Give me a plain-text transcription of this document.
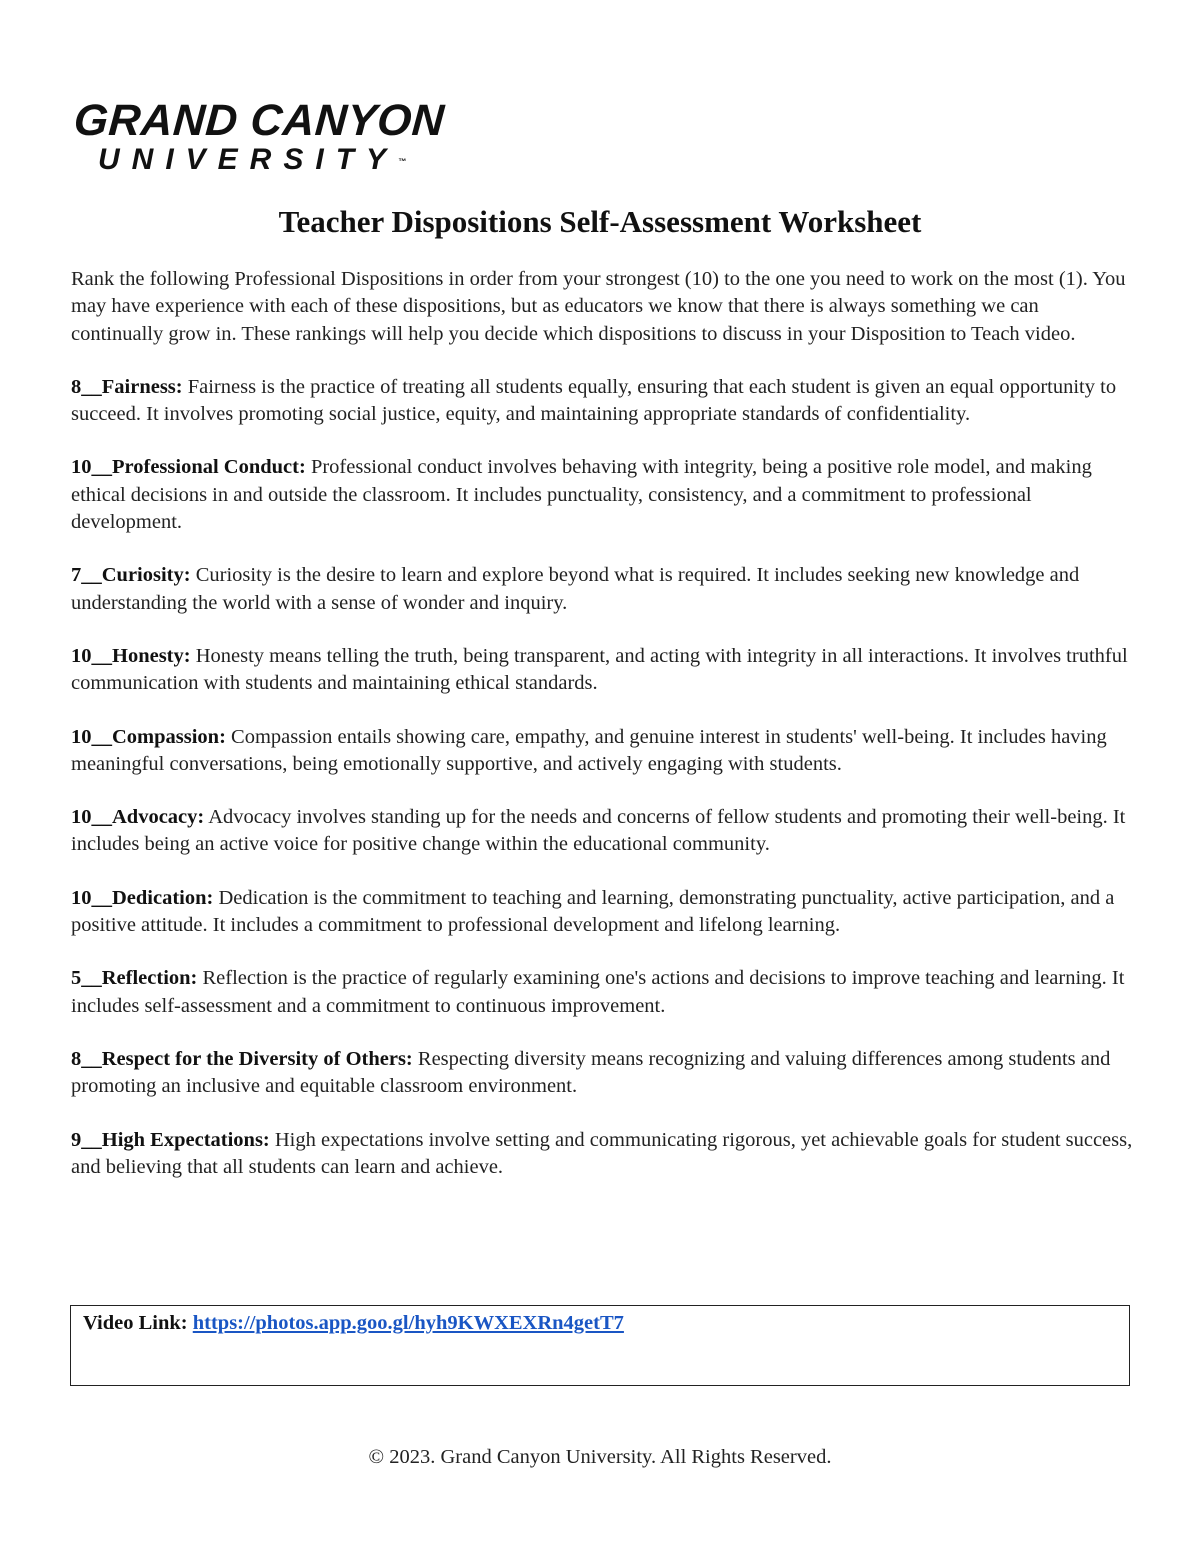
GRAND CANYON
UNIVERSITY™
Teacher Dispositions Self-Assessment Worksheet

Rank the following Professional Dispositions in order from your strongest (10) to the one you need to work on the most (1). You may have experience with each of these dispositions, but as educators we know that there is always something we can continually grow in. These rankings will help you decide which dispositions to discuss in your Disposition to Teach video.

8__Fairness: Fairness is the practice of treating all students equally, ensuring that each student is given an equal opportunity to succeed. It involves promoting social justice, equity, and maintaining appropriate standards of confidentiality.

10__Professional Conduct: Professional conduct involves behaving with integrity, being a positive role model, and making ethical decisions in and outside the classroom. It includes punctuality, consistency, and a commitment to professional development.

7__Curiosity: Curiosity is the desire to learn and explore beyond what is required. It includes seeking new knowledge and understanding the world with a sense of wonder and inquiry.

10__Honesty: Honesty means telling the truth, being transparent, and acting with integrity in all interactions. It involves truthful communication with students and maintaining ethical standards.

10__Compassion: Compassion entails showing care, empathy, and genuine interest in students' well-being. It includes having meaningful conversations, being emotionally supportive, and actively engaging with students.

10__Advocacy: Advocacy involves standing up for the needs and concerns of fellow students and promoting their well-being. It includes being an active voice for positive change within the educational community.

10__Dedication: Dedication is the commitment to teaching and learning, demonstrating punctuality, active participation, and a positive attitude. It includes a commitment to professional development and lifelong learning.

5__Reflection: Reflection is the practice of regularly examining one's actions and decisions to improve teaching and learning. It includes self-assessment and a commitment to continuous improvement.

8__Respect for the Diversity of Others: Respecting diversity means recognizing and valuing differences among students and promoting an inclusive and equitable classroom environment.

9__High Expectations: High expectations involve setting and communicating rigorous, yet achievable goals for student success, and believing that all students can learn and achieve.

Video Link: https://photos.app.goo.gl/hyh9KWXEXRn4getT7
© 2023. Grand Canyon University. All Rights Reserved.
